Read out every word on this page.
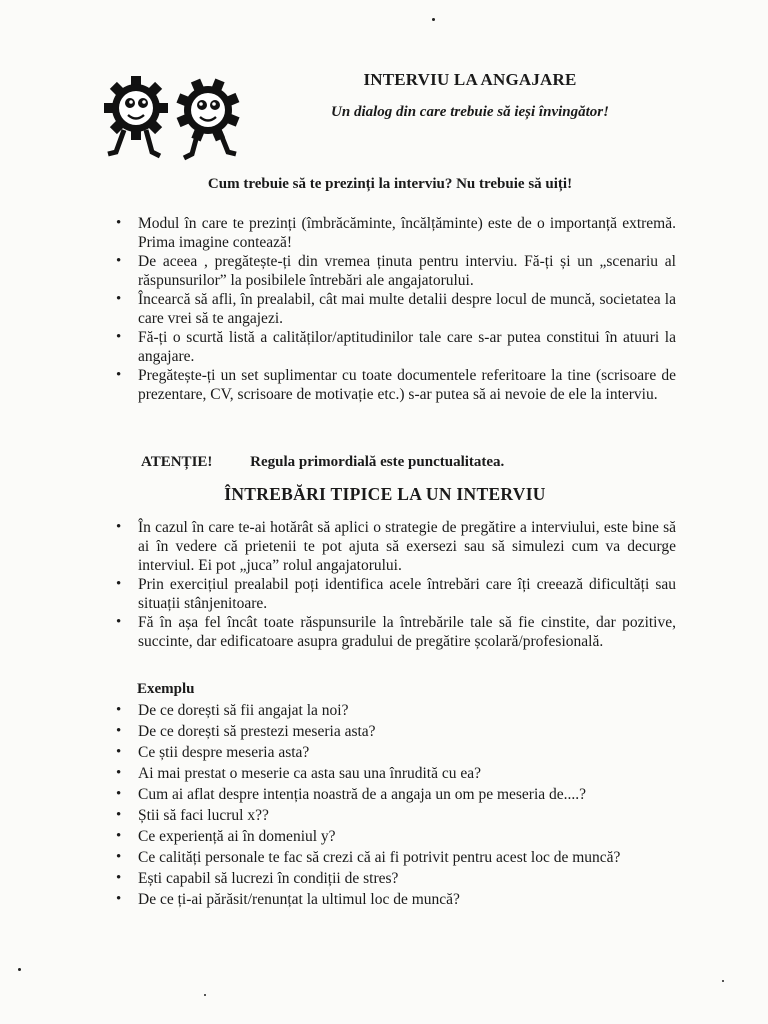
INTERVIU LA ANGAJARE
Un dialog din care trebuie să ieși învingător!
Cum trebuie să te prezinți la interviu? Nu trebuie să uiți!
• Modul în care te prezinți (îmbrăcăminte, încălțăminte) este de o importanță extremă. Prima imagine contează!
• De aceea , pregătește-ți din vremea ținuta pentru interviu. Fă-ți și un „scenariu al răspunsurilor” la posibilele întrebări ale angajatorului.
• Încearcă să afli, în prealabil, cât mai multe detalii despre locul de muncă, societatea la care vrei să te angajezi.
• Fă-ți o scurtă listă a calităților/aptitudinilor tale care s-ar putea constitui în atuuri la angajare.
• Pregătește-ți un set suplimentar cu toate documentele referitoare la tine (scrisoare de prezentare, CV, scrisoare de motivație etc.) s-ar putea să ai nevoie de ele la interviu.
ATENȚIE!	Regula primordială este punctualitatea.
ÎNTREBĂRI TIPICE LA UN INTERVIU
• În cazul în care te-ai hotărât să aplici o strategie de pregătire a interviului, este bine să ai în vedere că prietenii te pot ajuta să exersezi sau să simulezi cum va decurge interviul. Ei pot „juca” rolul angajatorului.
• Prin exercițiul prealabil poți identifica acele întrebări care îți creează dificultăți sau situații stânjenitoare.
• Fă în așa fel încât toate răspunsurile la întrebările tale să fie cinstite, dar pozitive, succinte, dar edificatoare asupra gradului de pregătire școlară/profesională.
Exemplu
• De ce dorești să fii angajat la noi?
• De ce dorești să prestezi meseria asta?
• Ce știi despre meseria asta?
• Ai mai prestat o meserie ca asta sau una înrudită cu ea?
• Cum ai aflat despre intenția noastră de a angaja un om pe meseria de....?
• Știi să faci lucrul x??
• Ce experiență ai în domeniul y?
• Ce calități personale te fac să crezi că ai fi potrivit pentru acest loc de muncă?
• Ești capabil să lucrezi în condiții de stres?
• De ce ți-ai părăsit/renunțat la ultimul loc de muncă?
